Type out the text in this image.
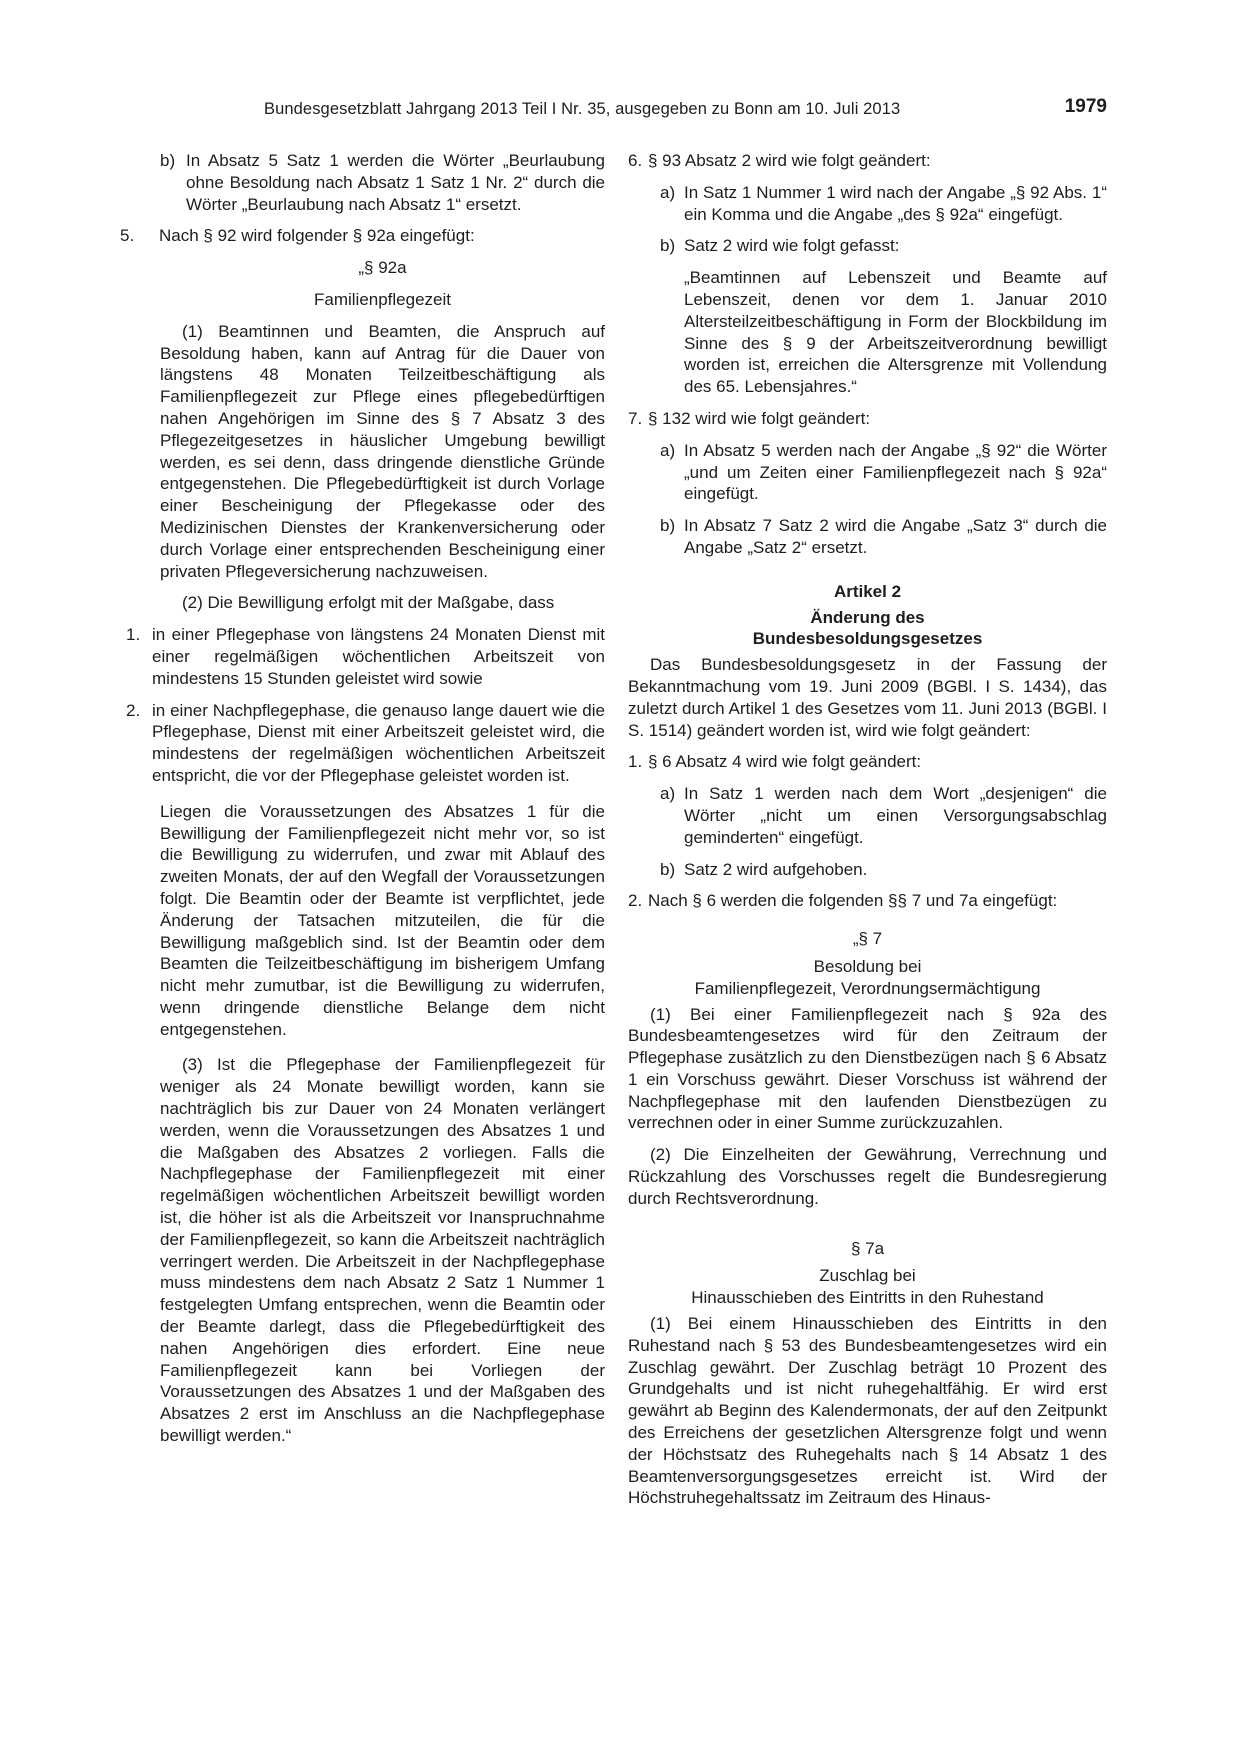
Bundesgesetzblatt Jahrgang 2013 Teil I Nr. 35, ausgegeben zu Bonn am 10. Juli 2013	1979
b) In Absatz 5 Satz 1 werden die Wörter „Beurlaubung ohne Besoldung nach Absatz 1 Satz 1 Nr. 2“ durch die Wörter „Beurlaubung nach Absatz 1“ ersetzt.
5.	Nach § 92 wird folgender § 92a eingefügt:

„§ 92a

Familienpflegezeit

(1) Beamtinnen und Beamten, die Anspruch auf Besoldung haben, kann auf Antrag für die Dauer von längstens 48 Monaten Teilzeitbeschäftigung als Familienpflegezeit zur Pflege eines pflegebedürftigen nahen Angehörigen im Sinne des § 7 Absatz 3 des Pflegezeitgesetzes in häuslicher Umgebung bewilligt werden, es sei denn, dass dringende dienstliche Gründe entgegenstehen. Die Pflegebedürftigkeit ist durch Vorlage einer Bescheinigung der Pflegekasse oder des Medizinischen Dienstes der Krankenversicherung oder durch Vorlage einer entsprechenden Bescheinigung einer privaten Pflegeversicherung nachzuweisen.

(2) Die Bewilligung erfolgt mit der Maßgabe, dass

1. in einer Pflegephase von längstens 24 Monaten Dienst mit einer regelmäßigen wöchentlichen Arbeitszeit von mindestens 15 Stunden geleistet wird sowie
2. in einer Nachpflegephase, die genauso lange dauert wie die Pflegephase, Dienst mit einer Arbeitszeit geleistet wird, die mindestens der regelmäßigen wöchentlichen Arbeitszeit entspricht, die vor der Pflegephase geleistet worden ist.

Liegen die Voraussetzungen des Absatzes 1 für die Bewilligung der Familienpflegezeit nicht mehr vor, so ist die Bewilligung zu widerrufen, und zwar mit Ablauf des zweiten Monats, der auf den Wegfall der Voraussetzungen folgt. Die Beamtin oder der Beamte ist verpflichtet, jede Änderung der Tatsachen mitzuteilen, die für die Bewilligung maßgeblich sind. Ist der Beamtin oder dem Beamten die Teilzeitbeschäftigung im bisherigem Umfang nicht mehr zumutbar, ist die Bewilligung zu widerrufen, wenn dringende dienstliche Belange dem nicht entgegenstehen.

(3) Ist die Pflegephase der Familienpflegezeit für weniger als 24 Monate bewilligt worden, kann sie nachträglich bis zur Dauer von 24 Monaten verlängert werden, wenn die Voraussetzungen des Absatzes 1 und die Maßgaben des Absatzes 2 vorliegen. Falls die Nachpflegephase der Familienpflegezeit mit einer regelmäßigen wöchentlichen Arbeitszeit bewilligt worden ist, die höher ist als die Arbeitszeit vor Inanspruchnahme der Familienpflegezeit, so kann die Arbeitszeit nachträglich verringert werden. Die Arbeitszeit in der Nachpflegephase muss mindestens dem nach Absatz 2 Satz 1 Nummer 1 festgelegten Umfang entsprechen, wenn die Beamtin oder der Beamte darlegt, dass die Pflegebedürftigkeit des nahen Angehörigen dies erfordert. Eine neue Familienpflegezeit kann bei Vorliegen der Voraussetzungen des Absatzes 1 und der Maßgaben des Absatzes 2 erst im Anschluss an die Nachpflegephase bewilligt werden.“

6. § 93 Absatz 2 wird wie folgt geändert:
a) In Satz 1 Nummer 1 wird nach der Angabe „§ 92 Abs. 1“ ein Komma und die Angabe „des § 92a“ eingefügt.
b) Satz 2 wird wie folgt gefasst:

„Beamtinnen auf Lebenszeit und Beamte auf Lebenszeit, denen vor dem 1. Januar 2010 Altersteilzeitbeschäftigung in Form der Blockbildung im Sinne des § 9 der Arbeitszeitverordnung bewilligt worden ist, erreichen die Altersgrenze mit Vollendung des 65. Lebensjahres.“

7. § 132 wird wie folgt geändert:
a) In Absatz 5 werden nach der Angabe „§ 92“ die Wörter „und um Zeiten einer Familienpflegezeit nach § 92a“ eingefügt.
b) In Absatz 7 Satz 2 wird die Angabe „Satz 3“ durch die Angabe „Satz 2“ ersetzt.

Artikel 2

Änderung des

Bundesbesoldungsgesetzes

Das Bundesbesoldungsgesetz in der Fassung der Bekanntmachung vom 19. Juni 2009 (BGBl. I S. 1434), das zuletzt durch Artikel 1 des Gesetzes vom 11. Juni 2013 (BGBl. I S. 1514) geändert worden ist, wird wie folgt geändert:

1. § 6 Absatz 4 wird wie folgt geändert:
a) In Satz 1 werden nach dem Wort „desjenigen“ die Wörter „nicht um einen Versorgungsabschlag geminderten“ eingefügt.
b) Satz 2 wird aufgehoben.
2. Nach § 6 werden die folgenden §§ 7 und 7a eingefügt:

„§ 7

Besoldung bei

Familienpflegezeit, Verordnungsermächtigung

(1) Bei einer Familienpflegezeit nach § 92a des Bundesbeamtengesetzes wird für den Zeitraum der Pflegephase zusätzlich zu den Dienstbezügen nach § 6 Absatz 1 ein Vorschuss gewährt. Dieser Vorschuss ist während der Nachpflegephase mit den laufenden Dienstbezügen zu verrechnen oder in einer Summe zurückzuzahlen.

(2) Die Einzelheiten der Gewährung, Verrechnung und Rückzahlung des Vorschusses regelt die Bundesregierung durch Rechtsverordnung.

§ 7a

Zuschlag bei

Hinausschieben des Eintritts in den Ruhestand

(1) Bei einem Hinausschieben des Eintritts in den Ruhestand nach § 53 des Bundesbeamtengesetzes wird ein Zuschlag gewährt. Der Zuschlag beträgt 10 Prozent des Grundgehalts und ist nicht ruhegehaltfähig. Er wird erst gewährt ab Beginn des Kalendermonats, der auf den Zeitpunkt des Erreichens der gesetzlichen Altersgrenze folgt und wenn der Höchstsatz des Ruhegehalts nach § 14 Absatz 1 des Beamtenversorgungsgesetzes erreicht ist. Wird der Höchstruhegehaltssatz im Zeitraum des Hinaus-
